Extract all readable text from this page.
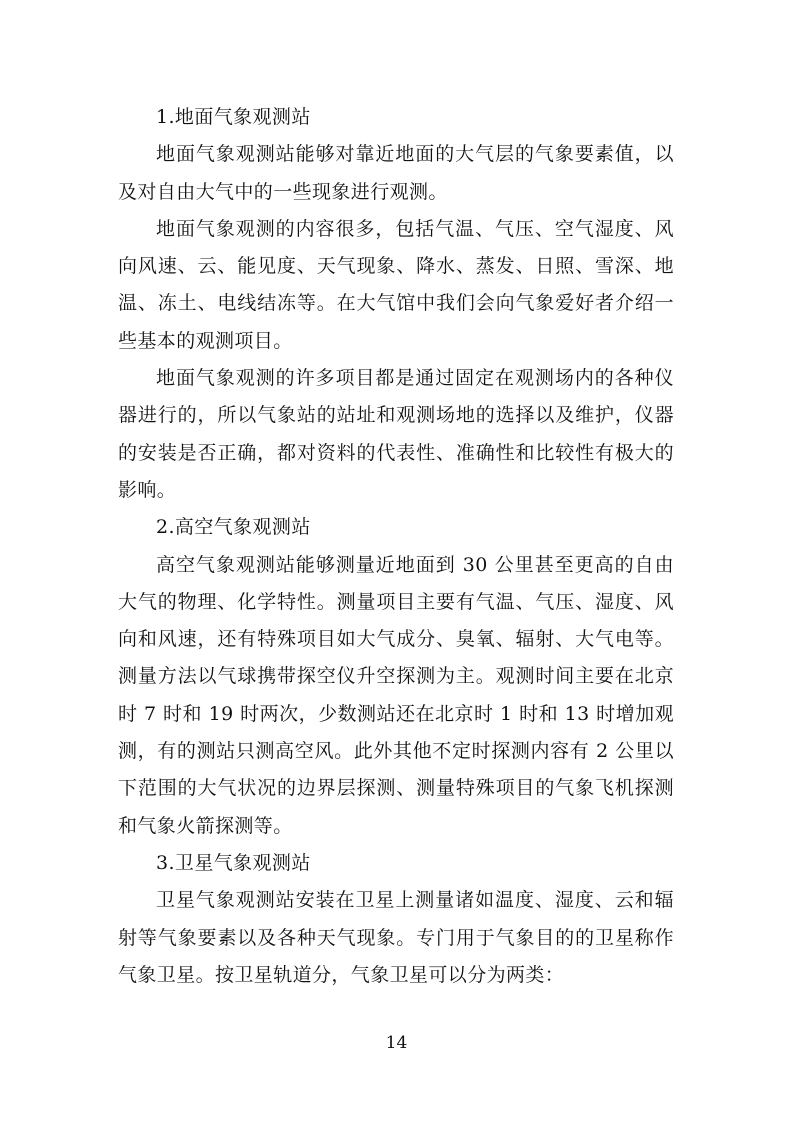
1.地面气象观测站

地面气象观测站能够对靠近地面的大气层的气象要素值，以及对自由大气中的一些现象进行观测。

地面气象观测的内容很多，包括气温、气压、空气湿度、风向风速、云、能见度、天气现象、降水、蒸发、日照、雪深、地温、冻土、电线结冻等。在大气馆中我们会向气象爱好者介绍一些基本的观测项目。

地面气象观测的许多项目都是通过固定在观测场内的各种仪器进行的，所以气象站的站址和观测场地的选择以及维护，仪器的安装是否正确，都对资料的代表性、准确性和比较性有极大的影响。

2.高空气象观测站

高空气象观测站能够测量近地面到 30 公里甚至更高的自由大气的物理、化学特性。测量项目主要有气温、气压、湿度、风向和风速，还有特殊项目如大气成分、臭氧、辐射、大气电等。测量方法以气球携带探空仪升空探测为主。观测时间主要在北京时 7 时和 19 时两次，少数测站还在北京时 1 时和 13 时增加观测，有的测站只测高空风。此外其他不定时探测内容有 2 公里以下范围的大气状况的边界层探测、测量特殊项目的气象飞机探测和气象火箭探测等。

3.卫星气象观测站

卫星气象观测站安装在卫星上测量诸如温度、湿度、云和辐射等气象要素以及各种天气现象。专门用于气象目的的卫星称作气象卫星。按卫星轨道分，气象卫星可以分为两类：

14
